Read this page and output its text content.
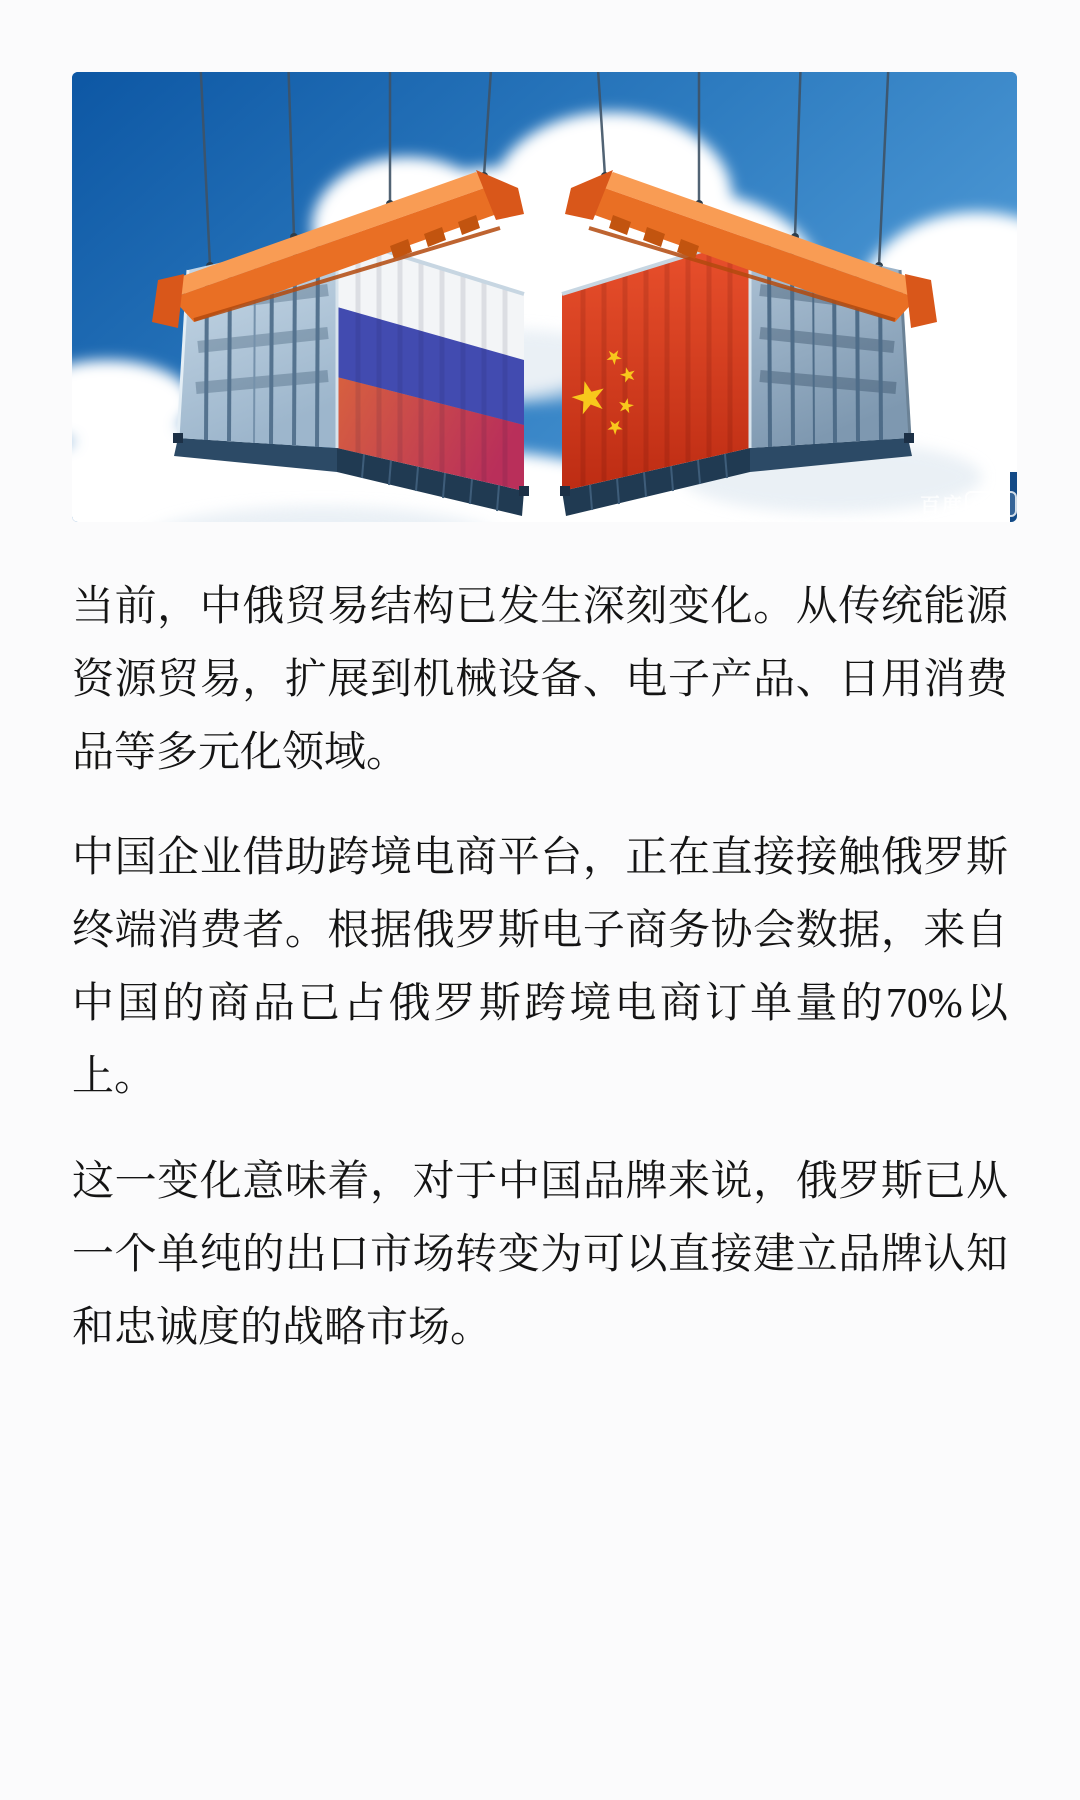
百度 AI生成

当前，中俄贸易结构已发生深刻变化。从传统能源资源贸易，扩展到机械设备、电子产品、日用消费品等多元化领域。

中国企业借助跨境电商平台，正在直接接触俄罗斯终端消费者。根据俄罗斯电子商务协会数据，来自中国的商品已占俄罗斯跨境电商订单量的70%以上。

这一变化意味着，对于中国品牌来说，俄罗斯已从一个单纯的出口市场转变为可以直接建立品牌认知和忠诚度的战略市场。
